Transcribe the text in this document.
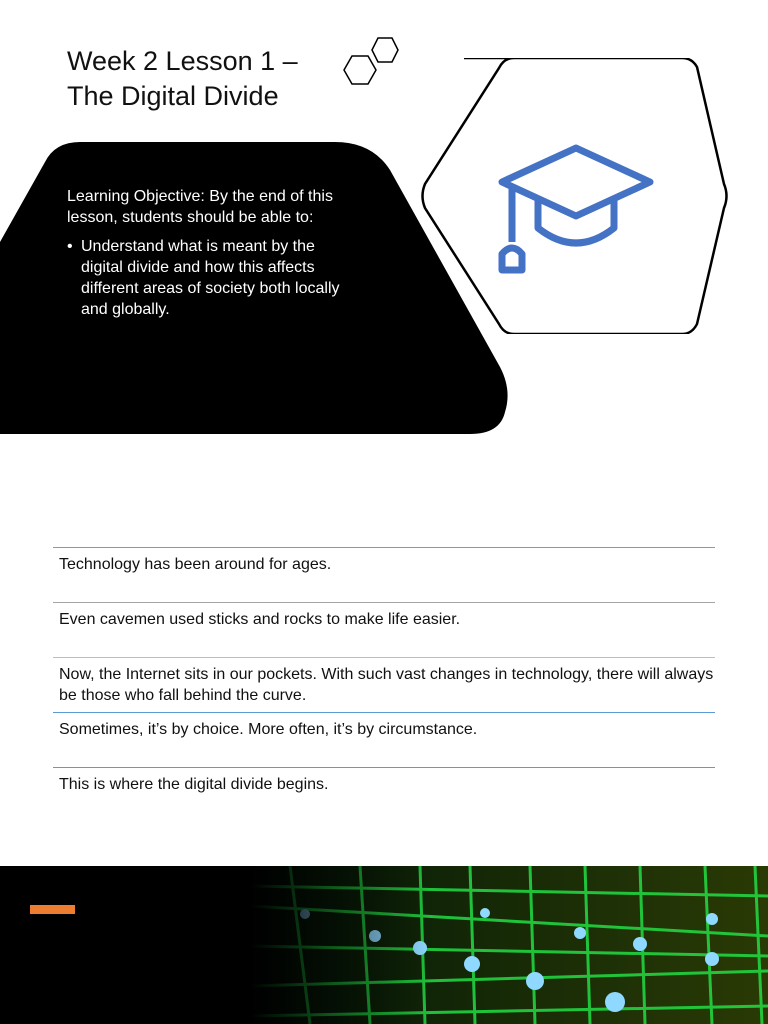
Week 2 Lesson 1 –
The Digital Divide

Learning Objective: By the end of this lesson, students should be able to:

• Understand what is meant by the digital divide and how this affects different areas of society both locally and globally.
Technology has been around for ages.
Even cavemen used sticks and rocks to make life easier.
Now, the Internet sits in our pockets. With such vast changes in technology, there will always be those who fall behind the curve.
Sometimes, it’s by choice. More often, it’s by circumstance.
This is where the digital divide begins.
